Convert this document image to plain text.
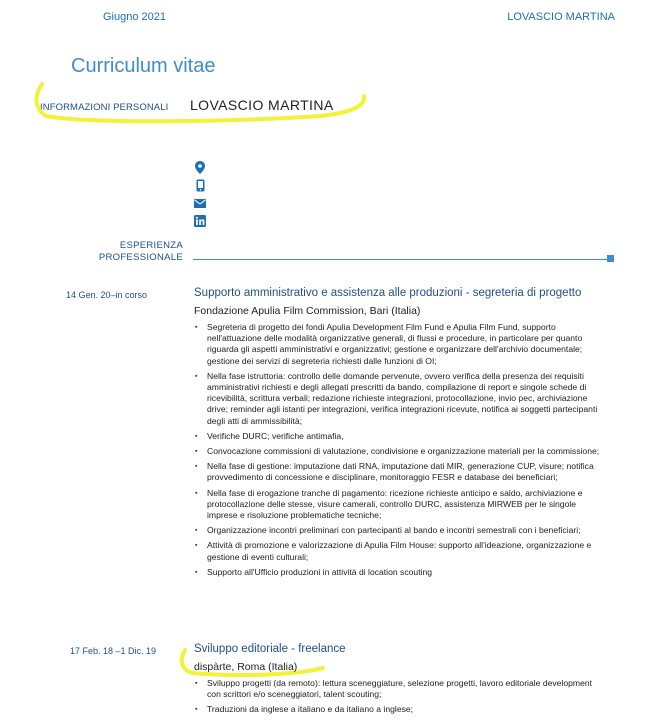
Giugno 2021	LOVASCIO MARTINA
Curriculum vitae
INFORMAZIONI PERSONALI LOVASCIO MARTINA
ESPERIENZA
PROFESSIONALE
14 Gen. 20–in corso	Supporto amministrativo e assistenza alle produzioni - segreteria di progetto
Fondazione Apulia Film Commission, Bari (Italia)
▪ Segreteria di progetto dei fondi Apulia Development Film Fund e Apulia Film Fund, supporto nell'attuazione delle modalità organizzative generali, di flussi e procedure, in particolare per quanto riguarda gli aspetti amministrativi e organizzativi; gestione e organizzare dell'archivio documentale; gestione dei servizi di segreteria richiesti dalle funzioni di OI;
▪ Nella fase istruttoria: controllo delle domande pervenute, ovvero verifica della presenza dei requisiti amministrativi richiesti e degli allegati prescritti da bando, compilazione di report e singole schede di ricevibilità, scrittura verbali; redazione richieste integrazioni, protocollazione, invio pec, archiviazione drive; reminder agli istanti per integrazioni, verifica integrazioni ricevute, notifica ai soggetti partecipanti degli atti di ammissibilità;
▪ Verifiche DURC; verifiche antimafia,
▪ Convocazione commissioni di valutazione, condivisione e organizzazione materiali per la commissione;
▪ Nella fase di gestione: imputazione dati RNA, imputazione dati MIR, generazione CUP, visure; notifica provvedimento di concessione e disciplinare, monitoraggio FESR e database dei beneficiari;
▪ Nella fase di erogazione tranche di pagamento: ricezione richieste anticipo e saldo, archiviazione e protocollazione delle stesse, visure camerali, controllo DURC, assistenza MIRWEB per le singole imprese e risoluzione problematiche tecniche;
▪ Organizzazione incontri preliminari con partecipanti al bando e incontri semestrali con i beneficiari;
▪ Attività di promozione e valorizzazione di Apulia Film House: supporto all'ideazione, organizzazione e gestione di eventi culturali;
▪ Supporto all'Ufficio produzioni in attività di location scouting
17 Feb. 18 –1 Dic. 19	Sviluppo editoriale - freelance
dispàrte, Roma (Italia)
▪ Sviluppo progetti (da remoto): lettura sceneggiature, selezione progetti, lavoro editoriale development con scrittori e/o sceneggiatori, talent scouting;
▪ Traduzioni da inglese a italiano e da italiano a inglese;
